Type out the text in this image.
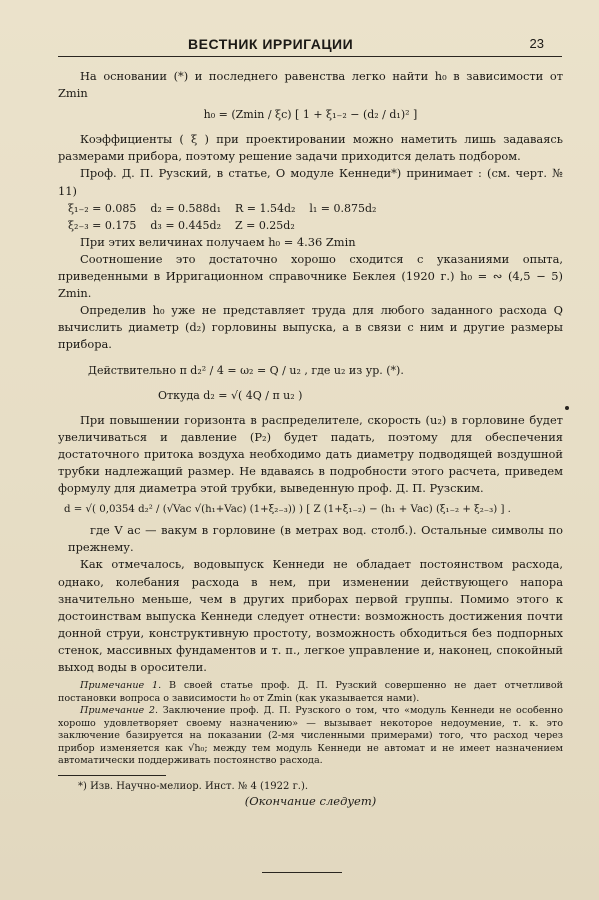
ВЕСТНИК ИРРИГАЦИИ	23

На основании (*) и последнего равенства легко найти h₀ в зависимости от Zmin

h₀ = (Zmin / ξc) [ 1 + ξ₁₋₂ − (d₂ / d₁)² ]

Коэффициенты ( ξ ) при проектировании можно наметить лишь задаваясь размерами прибора, поэтому решение задачи приходится делать подбором.

Проф. Д. П. Рузский, в статье, О модуле Кеннеди*) принимает : (см. черт. № 11)

ξ₁₋₂ = 0.085    d₂ = 0.588d₁    R = 1.54d₂    l₁ = 0.875d₂

ξ₂₋₃ = 0.175    d₃ = 0.445d₂    Z = 0.25d₂

При этих величинах получаем h₀ = 4.36 Zmin

Соотношение это достаточно хорошо сходится с указаниями опыта, приведенными в Ирригационном справочнике Беклея (1920 г.) h₀ = ∾ (4,5 − 5) Zmin.

Определив h₀ уже не представляет труда для любого заданного расхода Q вычислить диаметр (d₂) горловины выпуска, а в связи с ним и другие размеры прибора.

Действительно π d₂² / 4 = ω₂ = Q / u₂ , где u₂ из ур. (*).

Откуда d₂ = √( 4Q / π u₂ )

При повышении горизонта в распределителе, скорость (u₂) в горловине будет увеличиваться и давление (P₂) будет падать, поэтому для обеспечения достаточного притока воздуха необходимо дать диаметру подводящей воздушной трубки надлежащий размер. Не вдаваясь в подробности этого расчета, приведем формулу для диаметра этой трубки, выведенную проф. Д. П. Рузским.

d = √( 0,0354 d₂² / (√Vac √(h₁+Vac) (1+ξ₂₋₃)) ) [ Z (1+ξ₁₋₂) − (h₁ + Vac) (ξ₁₋₂ + ξ₂₋₃) ] .

где V ac — вакум в горловине (в метрах вод. столб.). Остальные символы по прежнему.

Как отмечалось, водовыпуск Кеннеди не обладает постоянством расхода, однако, колебания расхода в нем, при изменении действующего напора значительно меньше, чем в других приборах первой группы. Помимо этого к достоинствам выпуска Кеннеди следует отнести: возможность достижения почти донной струи, конструктивную простоту, возможность обходиться без подпорных стенок, массивных фундаментов и т. п., легкое управление и, наконец, спокойный выход воды в оросители.

Примечание 1. В своей статье проф. Д. П. Рузский совершенно не дает отчетливой постановки вопроса о зависимости h₀ от Zmin (как указывается нами).

Примечание 2. Заключение проф. Д. П. Рузского о том, что «модуль Кеннеди не особенно хорошо удовлетворяет своему назначению» — вызывает некоторое недоумение, т. к. это заключение базируется на показании (2-мя численными примерами) того, что расход через прибор изменяется как √h₀; между тем модуль Кеннеди не автомат и не имеет назначением автоматически поддерживать постоянство расхода.

*) Изв. Научно-мелиор. Инст. № 4 (1922 г.).

(Окончание следует)
